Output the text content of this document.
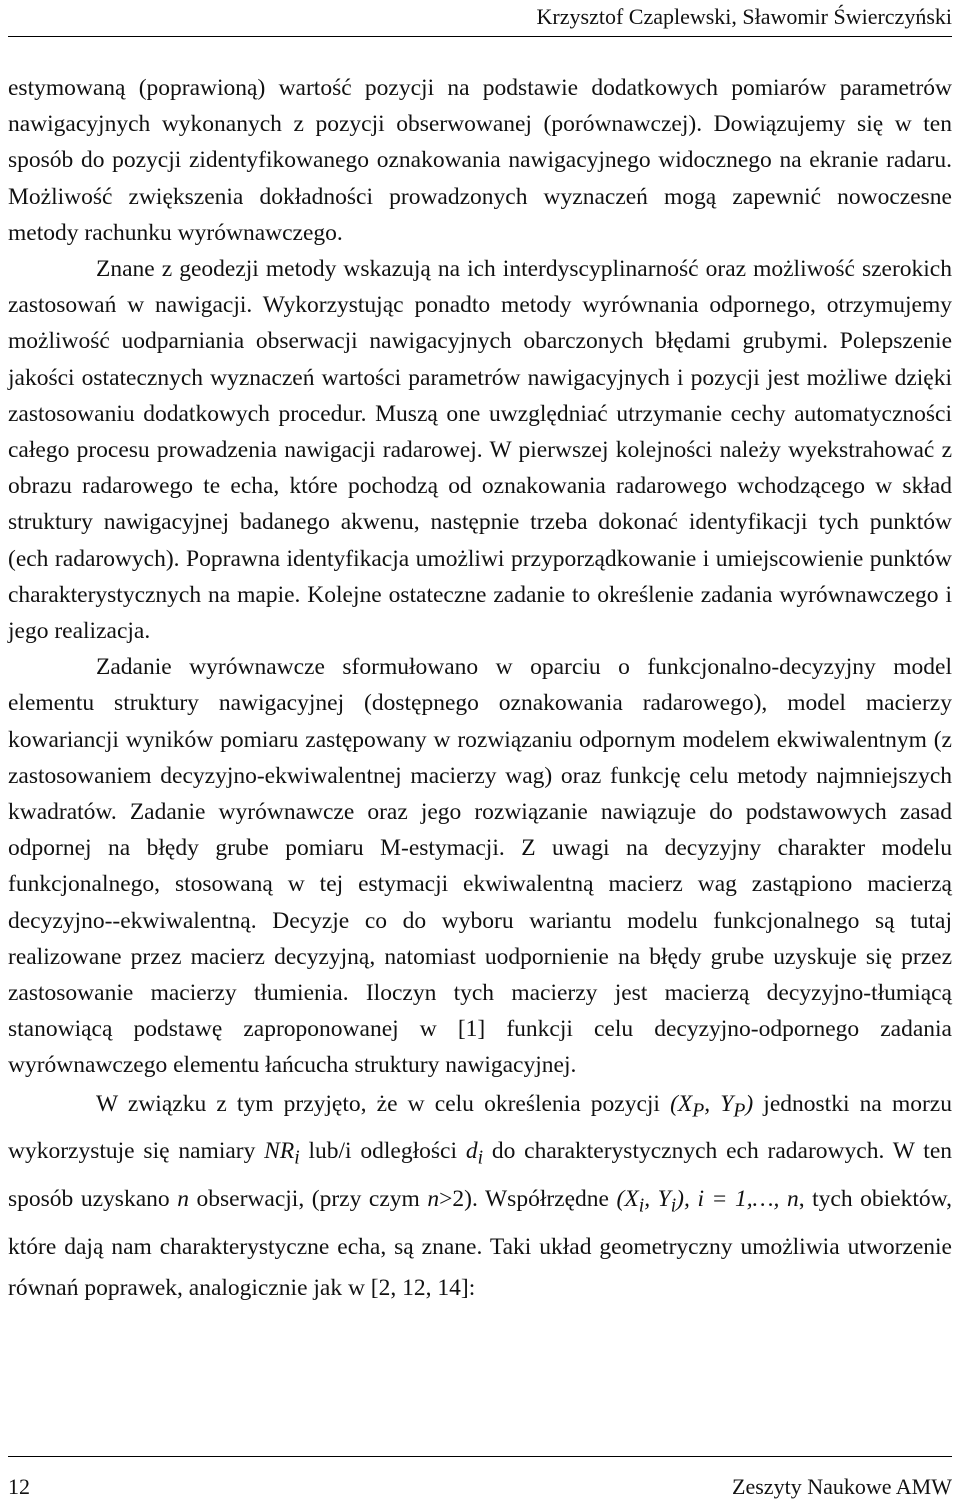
Krzysztof Czaplewski, Sławomir Świerczyński

estymowaną (poprawioną) wartość pozycji na podstawie dodatkowych pomiarów parametrów nawigacyjnych wykonanych z pozycji obserwowanej (porównawczej). Dowiązujemy się w ten sposób do pozycji zidentyfikowanego oznakowania nawigacyjnego widocznego na ekranie radaru. Możliwość zwiększenia dokładności prowadzonych wyznaczeń mogą zapewnić nowoczesne metody rachunku wyrównawczego.

Znane z geodezji metody wskazują na ich interdyscyplinarność oraz możliwość szerokich zastosowań w nawigacji. Wykorzystując ponadto metody wyrównania odpornego, otrzymujemy możliwość uodparniania obserwacji nawigacyjnych obarczonych błędami grubymi. Polepszenie jakości ostatecznych wyznaczeń wartości parametrów nawigacyjnych i pozycji jest możliwe dzięki zastosowaniu dodatkowych procedur. Muszą one uwzględniać utrzymanie cechy automatyczności całego procesu prowadzenia nawigacji radarowej. W pierwszej kolejności należy wyekstrahować z obrazu radarowego te echa, które pochodzą od oznakowania radarowego wchodzącego w skład struktury nawigacyjnej badanego akwenu, następnie trzeba dokonać identyfikacji tych punktów (ech radarowych). Poprawna identyfikacja umożliwi przyporządkowanie i umiejscowienie punktów charakterystycznych na mapie. Kolejne ostateczne zadanie to określenie zadania wyrównawczego i jego realizacja.

Zadanie wyrównawcze sformułowano w oparciu o funkcjonalno-decyzyjny model elementu struktury nawigacyjnej (dostępnego oznakowania radarowego), model macierzy kowariancji wyników pomiaru zastępowany w rozwiązaniu odpornym modelem ekwiwalentnym (z zastosowaniem decyzyjno-ekwiwalentnej macierzy wag) oraz funkcję celu metody najmniejszych kwadratów. Zadanie wyrównawcze oraz jego rozwiązanie nawiązuje do podstawowych zasad odpornej na błędy grube pomiaru M-estymacji. Z uwagi na decyzyjny charakter modelu funkcjonalnego, stosowaną w tej estymacji ekwiwalentną macierz wag zastąpiono macierzą decyzyjno-‑ekwiwalentną. Decyzje co do wyboru wariantu modelu funkcjonalnego są tutaj realizowane przez macierz decyzyjną, natomiast uodpornienie na błędy grube uzyskuje się przez zastosowanie macierzy tłumienia. Iloczyn tych macierzy jest macierzą decyzyjno-tłumiącą stanowiącą podstawę zaproponowanej w [1] funkcji celu decyzyjno-odpornego zadania wyrównawczego elementu łańcucha struktury nawigacyjnej.

W związku z tym przyjęto, że w celu określenia pozycji ($X_P$, $Y_P$) jednostki na morzu wykorzystuje się namiary $NR_i$ lub/i odległości $d_i$ do charakterystycznych ech radarowych. W ten sposób uzyskano n obserwacji, (przy czym n>2). Współrzędne ($X_i$, $Y_i$), i = 1,…, n, tych obiektów, które dają nam charakterystyczne echa, są znane. Taki układ geometryczny umożliwia utworzenie równań poprawek, analogicznie jak w [2, 12, 14]:

12	Zeszyty Naukowe AMW
